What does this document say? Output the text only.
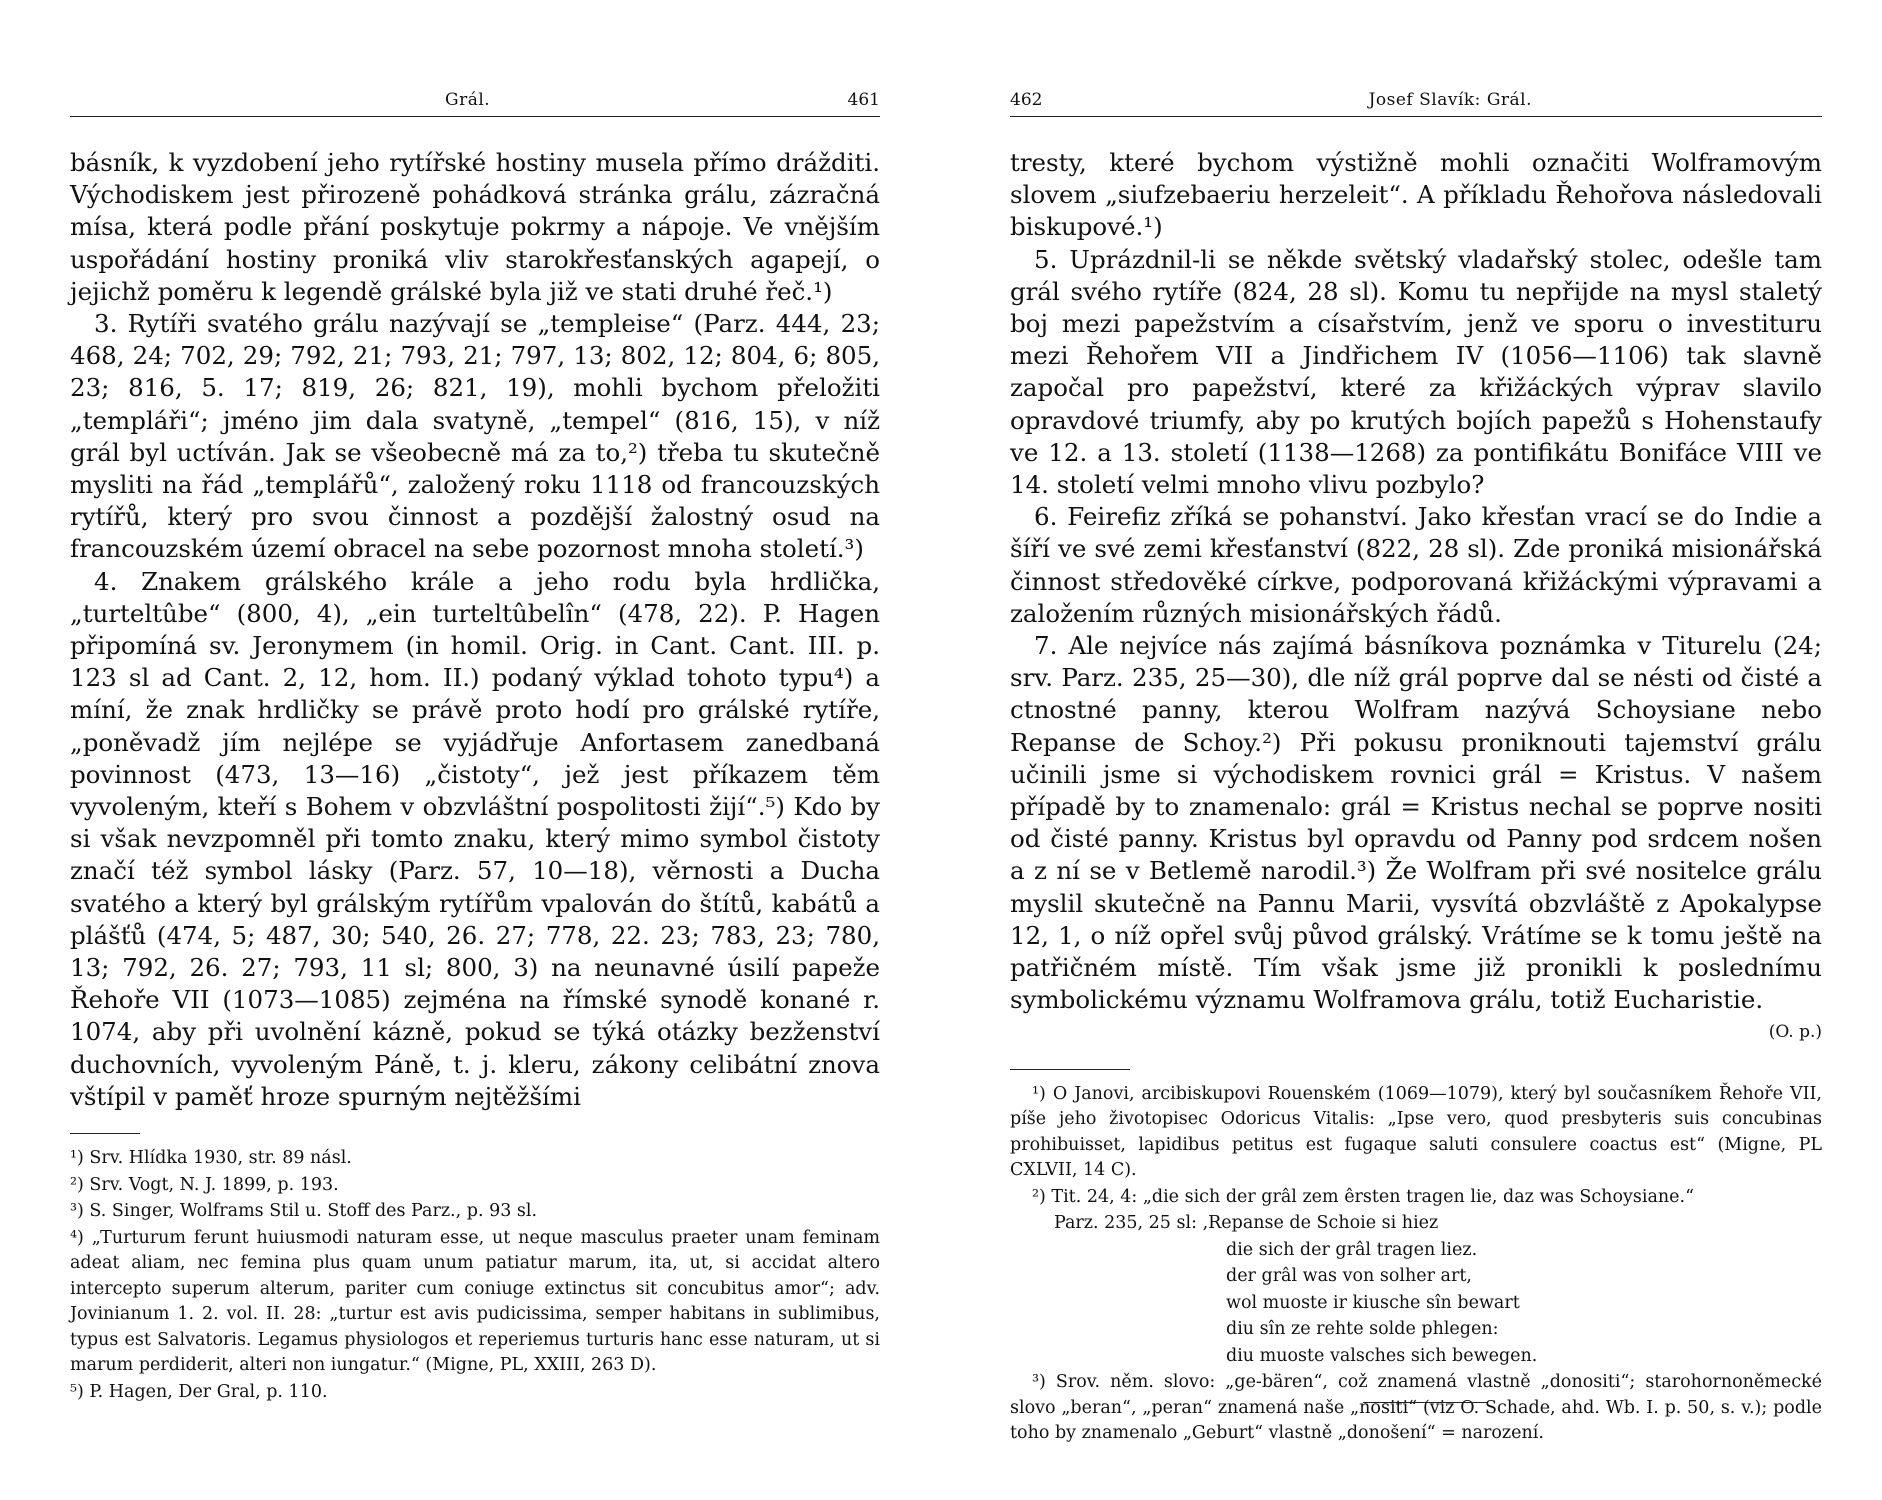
Grál.	461

básník, k vyzdobení jeho rytířské hostiny musela přímo drážditi. Východiskem jest přirozeně pohádková stránka grálu, zázračná mísa, která podle přání poskytuje pokrmy a nápoje. Ve vnějším uspořádání hostiny proniká vliv starokřesťanských agapejí, o jejichž poměru k legendě grálské byla již ve stati druhé řeč.¹)

3. Rytíři svatého grálu nazývají se „templeise“ (Parz. 444, 23; 468, 24; 702, 29; 792, 21; 793, 21; 797, 13; 802, 12; 804, 6; 805, 23; 816, 5. 17; 819, 26; 821, 19), mohli bychom přeložiti „templáři“; jméno jim dala svatyně, „tempel“ (816, 15), v níž grál byl uctíván. Jak se všeobecně má za to,²) třeba tu skutečně mysliti na řád „templářů“, založený roku 1118 od francouzských rytířů, který pro svou činnost a pozdější žalostný osud na francouzském území obracel na sebe pozornost mnoha století.³)

4. Znakem grálského krále a jeho rodu byla hrdlička, „turteltûbe“ (800, 4), „ein turteltûbelîn“ (478, 22). P. Hagen připomíná sv. Jeronymem (in homil. Orig. in Cant. Cant. III. p. 123 sl ad Cant. 2, 12, hom. II.) podaný výklad tohoto typu⁴) a míní, že znak hrdličky se právě proto hodí pro grálské rytíře, „poněvadž jím nejlépe se vyjádřuje Anfortasem zanedbaná povinnost (473, 13—16) „čistoty“, jež jest příkazem těm vyvoleným, kteří s Bohem v obzvláštní pospolitosti žijí“.⁵) Kdo by si však nevzpomněl při tomto znaku, který mimo symbol čistoty značí též symbol lásky (Parz. 57, 10—18), věrnosti a Ducha svatého a který byl grálským rytířům vpalován do štítů, kabátů a plášťů (474, 5; 487, 30; 540, 26. 27; 778, 22. 23; 783, 23; 780, 13; 792, 26. 27; 793, 11 sl; 800, 3) na neunavné úsilí papeže Řehoře VII (1073—1085) zejména na římské synodě konané r. 1074, aby při uvolnění kázně, pokud se týká otázky bezženství duchovních, vyvoleným Páně, t. j. kleru, zákony celibátní znova vštípil v paměť hroze spurným nejtěžšími

¹) Srv. Hlídka 1930, str. 89 násl.

²) Srv. Vogt, N. J. 1899, p. 193.

³) S. Singer, Wolframs Stil u. Stoff des Parz., p. 93 sl.

⁴) „Turturum ferunt huiusmodi naturam esse, ut neque masculus praeter unam feminam adeat aliam, nec femina plus quam unum patiatur marum, ita, ut, si accidat altero intercepto superum alterum, pariter cum coniuge extinctus sit concubitus amor“; adv. Jovinianum 1. 2. vol. II. 28: „turtur est avis pudicissima, semper habitans in sublimibus, typus est Salvatoris. Legamus physiologos et reperiemus turturis hanc esse naturam, ut si marum perdiderit, alteri non iungatur.“ (Migne, PL, XXIII, 263 D).

⁵) P. Hagen, Der Gral, p. 110.

462	Josef Slavík: Grál.

tresty, které bychom výstižně mohli označiti Wolframovým slovem „siufzebaeriu herzeleit“. A příkladu Řehořova následovali biskupové.¹)

5. Uprázdnil-li se někde světský vladařský stolec, odešle tam grál svého rytíře (824, 28 sl). Komu tu nepřijde na mysl staletý boj mezi papežstvím a císařstvím, jenž ve sporu o investituru mezi Řehořem VII a Jindřichem IV (1056—1106) tak slavně započal pro papežství, které za křižáckých výprav slavilo opravdové triumfy, aby po krutých bojích papežů s Hohenstaufy ve 12. a 13. století (1138—1268) za pontifikátu Bonifáce VIII ve 14. století velmi mnoho vlivu pozbylo?

6. Feirefiz zříká se pohanství. Jako křesťan vrací se do Indie a šíří ve své zemi křesťanství (822, 28 sl). Zde proniká misionářská činnost středověké církve, podporovaná křižáckými výpravami a založením různých misionářských řádů.

7. Ale nejvíce nás zajímá básníkova poznámka v Titurelu (24; srv. Parz. 235, 25—30), dle níž grál poprve dal se nésti od čisté a ctnostné panny, kterou Wolfram nazývá Schoysiane nebo Repanse de Schoy.²) Při pokusu proniknouti tajemství grálu učinili jsme si východiskem rovnici grál = Kristus. V našem případě by to znamenalo: grál = Kristus nechal se poprve nositi od čisté panny. Kristus byl opravdu od Panny pod srdcem nošen a z ní se v Betlemě narodil.³) Že Wolfram při své nositelce grálu myslil skutečně na Pannu Marii, vysvítá obzvláště z Apokalypse 12, 1, o níž opřel svůj původ grálský. Vrátíme se k tomu ještě na patřičném místě. Tím však jsme již pronikli k poslednímu symbolickému významu Wolframova grálu, totiž Eucharistie.

(O. p.)

¹) O Janovi, arcibiskupovi Rouenském (1069—1079), který byl současníkem Řehoře VII, píše jeho životopisec Odoricus Vitalis: „Ipse vero, quod presbyteris suis concubinas prohibuisset, lapidibus petitus est fugaque saluti consulere coactus est“ (Migne, PL CXLVII, 14 C).

²) Tit. 24, 4: „die sich der grâl zem êrsten tragen lie, daz was Schoysiane.“

Parz. 235, 25 sl: ‚Repanse de Schoie si hiez

die sich der grâl tragen liez.

der grâl was von solher art,

wol muoste ir kiusche sîn bewart

diu sîn ze rehte solde phlegen:

diu muoste valsches sich bewegen.

³) Srov. něm. slovo: „ge-bären“, což znamená vlastně „donositi“; starohornoněmecké slovo „beran“, „peran“ znamená naše „nositi“ (viz O. Schade, ahd. Wb. I. p. 50, s. v.); podle toho by znamenalo „Geburt“ vlastně „donošení“ = narození.
